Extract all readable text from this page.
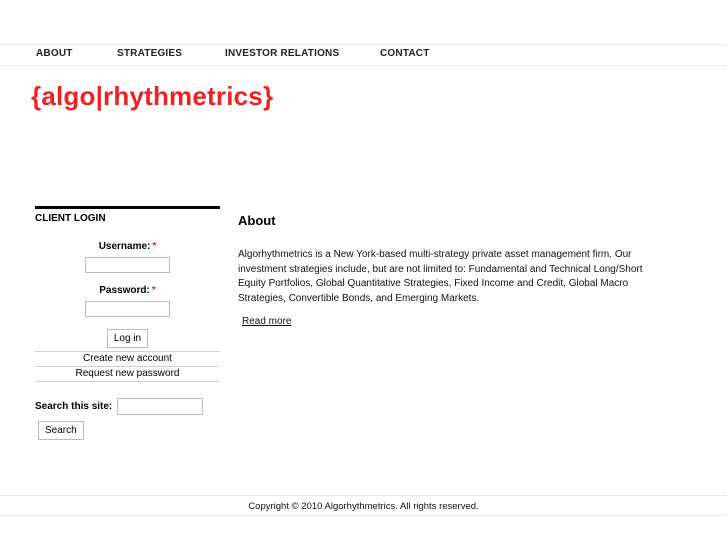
ABOUT	STRATEGIES	INVESTOR RELATIONS	CONTACT
{algo|rhythmetrics}
CLIENT LOGIN
Username: *
Password: *
Log in
Create new account
Request new password
Search this site:
Search
About

Algorhythmetrics is a New York-based multi-strategy private asset management firm. Our investment strategies include, but are not limited to: Fundamental and Technical Long/Short Equity Portfolios, Global Quantitative Strategies, Fixed Income and Credit, Global Macro Strategies, Convertible Bonds, and Emerging Markets.

Read more
Copyright © 2010 Algorhythmetrics. All rights reserved.
